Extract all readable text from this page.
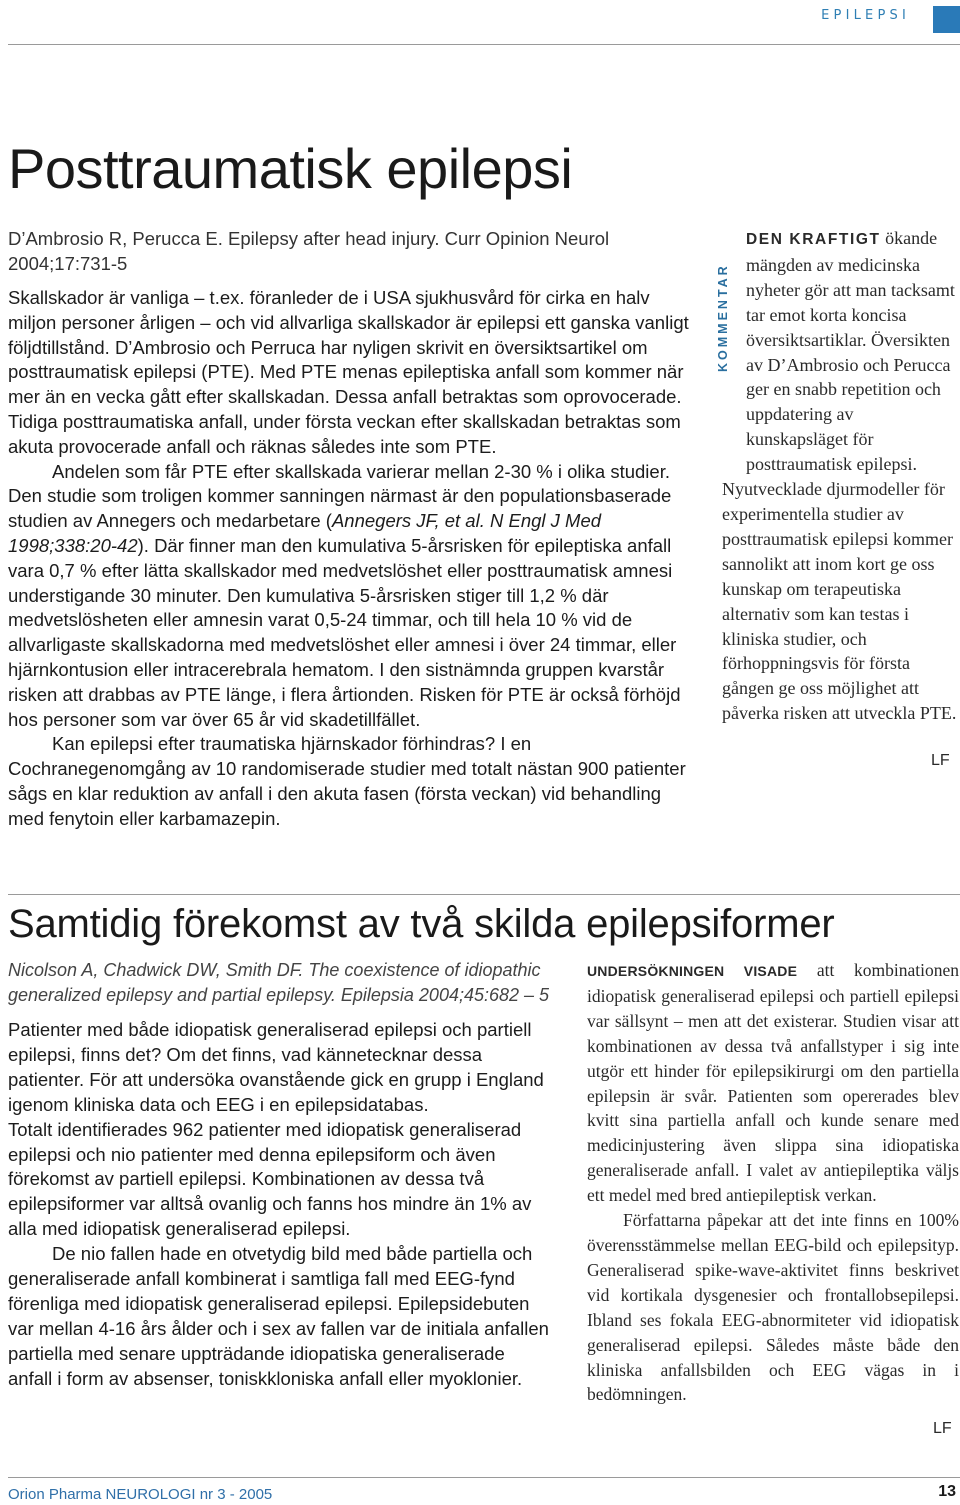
EPILEPSI
Posttraumatisk epilepsi
D’Ambrosio R, Perucca E. Epilepsy after head injury. Curr Opinion Neurol 2004;17:731-5

Skallskador är vanliga – t.ex. föranleder de i USA sjukhusvård för cirka en halv miljon personer årligen – och vid allvarliga skallskador är epilepsi ett ganska vanligt följdtillstånd. D’Ambrosio och Perruca har nyligen skrivit en översiktsartikel om posttraumatisk epilepsi (PTE). Med PTE menas epileptiska anfall som kommer när mer än en vecka gått efter skallskadan. Dessa anfall betraktas som oprovocerade. Tidiga posttraumatiska anfall, under första veckan efter skallskadan betraktas som akuta provocerade anfall och räknas således inte som PTE.

Andelen som får PTE efter skallskada varierar mellan 2-30 % i olika studier. Den studie som troligen kommer sanningen närmast är den populationsbaserade studien av Annegers och medarbetare (Annegers JF, et al. N Engl J Med 1998;338:20-42). Där finner man den kumulativa 5-årsrisken för epileptiska anfall vara 0,7 % efter lätta skallskador med medvetslöshet eller posttraumatisk amnesi understigande 30 minuter. Den kumulativa 5-årsrisken stiger till 1,2 % där medvetslösheten eller amnesin varat 0,5-24 timmar, och till hela 10 % vid de allvarligaste skallskadorna med medvetslöshet eller amnesi i över 24 timmar, eller hjärnkontusion eller intracerebrala hematom. I den sistnämnda gruppen kvarstår risken att drabbas av PTE länge, i flera årtionden. Risken för PTE är också förhöjd hos personer som var över 65 år vid skadetillfället.

Kan epilepsi efter traumatiska hjärnskador förhindras? I en Cochranegenomgång av 10 randomiserade studier med totalt nästan 900 patienter sågs en klar reduktion av anfall i den akuta fasen (första veckan) vid behandling med fenytoin eller karbamazepin.

KOMMENTAR
DEN KRAFTIGT ökande mängden av medicinska nyheter gör att man tacksamt tar emot korta koncisa översiktsartiklar. Översikten av D’Ambrosio och Perucca ger en snabb repetition och uppdatering av kunskapsläget för posttraumatisk epilepsi.
Nyutvecklade djurmodeller för experimentella studier av posttraumatisk epilepsi kommer sannolikt att inom kort ge oss kunskap om terapeutiska alternativ som kan testas i kliniska studier, och förhoppningsvis för första gången ge oss möjlighet att påverka risken att utveckla PTE.
LF
Samtidig förekomst av två skilda epilepsiformer
Nicolson A, Chadwick DW, Smith DF. The coexistence of idiopathic generalized epilepsy and partial epilepsy. Epilepsia 2004;45:682 – 5

Patienter med både idiopatisk generaliserad epilepsi och partiell epilepsi, finns det? Om det finns, vad kännetecknar dessa patienter. För att undersöka ovanstående gick en grupp i England igenom kliniska data och EEG i en epilepsidatabas.

Totalt identifierades 962 patienter med idiopatisk generaliserad epilepsi och nio patienter med denna epilepsiform och även förekomst av partiell epilepsi. Kombinationen av dessa två epilepsiformer var alltså ovanlig och fanns hos mindre än 1% av alla med idiopatisk generaliserad epilepsi.

De nio fallen hade en otvetydig bild med både partiella och generaliserade anfall kombinerat i samtliga fall med EEG-fynd förenliga med idiopatisk generaliserad epilepsi. Epilepsidebuten var mellan 4-16 års ålder och i sex av fallen var de initiala anfallen partiella med senare uppträdande idiopatiska generaliserade anfall i form av absenser, toniskkloniska anfall eller myoklonier.

UNDERSÖKNINGEN VISADE att kombinationen idiopatisk generaliserad epilepsi och partiell epilepsi var sällsynt – men att det existerar. Studien visar att kombinationen av dessa två anfallstyper i sig inte utgör ett hinder för epilepsikirurgi om den partiella epilepsin är svår. Patienten som opererades blev kvitt sina partiella anfall och kunde senare med medicinjustering även slippa sina idiopatiska generaliserade anfall. I valet av antiepileptika väljs ett medel med bred antiepileptisk verkan.

Författarna påpekar att det inte finns en 100% överensstämmelse mellan EEG-bild och epilepsityp. Generaliserad spike-wave-aktivitet finns beskrivet vid kortikala dysgenesier och frontallobsepilepsi. Ibland ses fokala EEG-abnormiteter vid idiopatisk generaliserad epilepsi. Således måste både den kliniska anfallsbilden och EEG vägas in i bedömningen.

LF
Orion Pharma NEUROLOGI nr 3 - 2005	13
